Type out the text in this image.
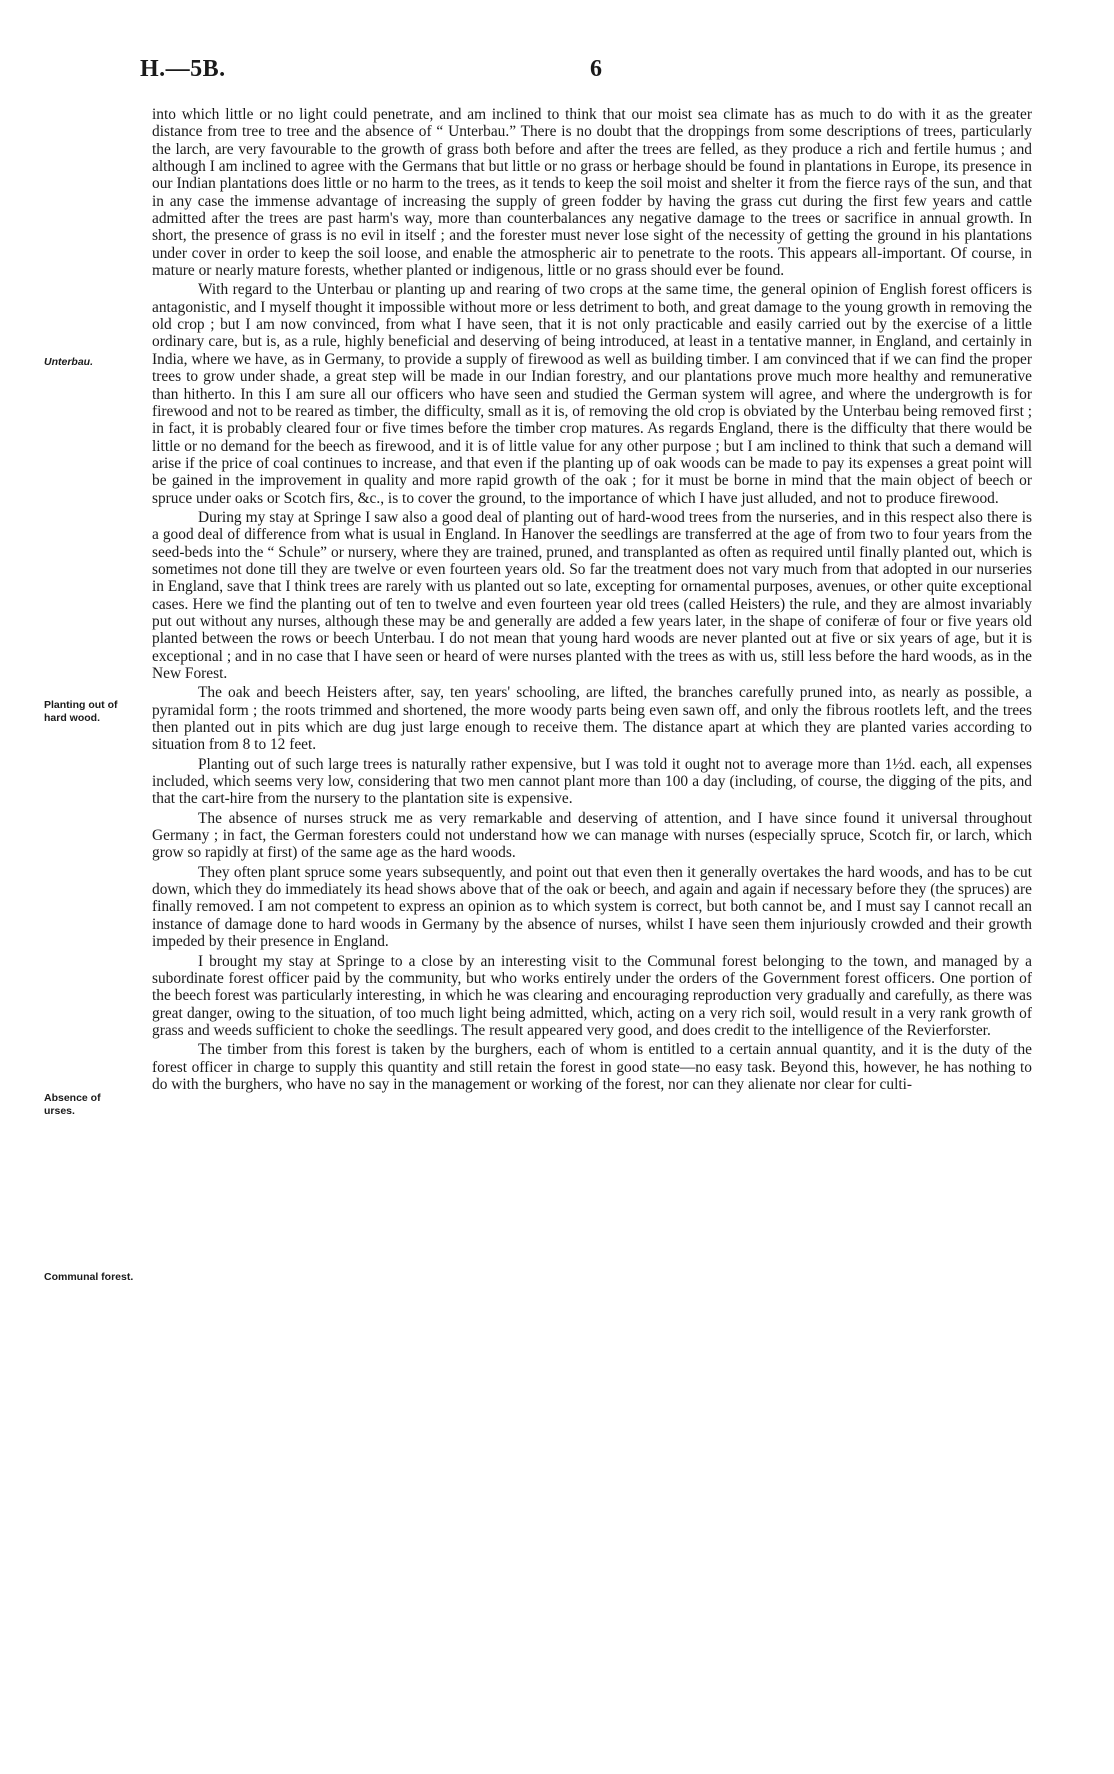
H.—5B.	6
Unterbau.
Planting out of hard wood.
Absence of urses.
Communal forest.

into which little or no light could penetrate, and am inclined to think that our moist sea climate has as much to do with it as the greater distance from tree to tree and the absence of “ Unterbau.” There is no doubt that the droppings from some descriptions of trees, particularly the larch, are very favourable to the growth of grass both before and after the trees are felled, as they produce a rich and fertile humus ; and although I am inclined to agree with the Germans that but little or no grass or herbage should be found in plantations in Europe, its presence in our Indian plantations does little or no harm to the trees, as it tends to keep the soil moist and shelter it from the fierce rays of the sun, and that in any case the immense advantage of increasing the supply of green fodder by having the grass cut during the first few years and cattle admitted after the trees are past harm's way, more than counterbalances any negative damage to the trees or sacrifice in annual growth. In short, the presence of grass is no evil in itself ; and the forester must never lose sight of the necessity of getting the ground in his plantations under cover in order to keep the soil loose, and enable the atmospheric air to penetrate to the roots. This appears all-important. Of course, in mature or nearly mature forests, whether planted or indigenous, little or no grass should ever be found.

With regard to the Unterbau or planting up and rearing of two crops at the same time, the general opinion of English forest officers is antagonistic, and I myself thought it impossible without more or less detriment to both, and great damage to the young growth in removing the old crop ; but I am now convinced, from what I have seen, that it is not only practicable and easily carried out by the exercise of a little ordinary care, but is, as a rule, highly beneficial and deserving of being introduced, at least in a tentative manner, in England, and certainly in India, where we have, as in Germany, to provide a supply of firewood as well as building timber. I am convinced that if we can find the proper trees to grow under shade, a great step will be made in our Indian forestry, and our plantations prove much more healthy and remunerative than hitherto. In this I am sure all our officers who have seen and studied the German system will agree, and where the undergrowth is for firewood and not to be reared as timber, the difficulty, small as it is, of removing the old crop is obviated by the Unterbau being removed first ; in fact, it is probably cleared four or five times before the timber crop matures. As regards England, there is the difficulty that there would be little or no demand for the beech as firewood, and it is of little value for any other purpose ; but I am inclined to think that such a demand will arise if the price of coal continues to increase, and that even if the planting up of oak woods can be made to pay its expenses a great point will be gained in the improvement in quality and more rapid growth of the oak ; for it must be borne in mind that the main object of beech or spruce under oaks or Scotch firs, &c., is to cover the ground, to the importance of which I have just alluded, and not to produce firewood.

During my stay at Springe I saw also a good deal of planting out of hard-wood trees from the nurseries, and in this respect also there is a good deal of difference from what is usual in England. In Hanover the seedlings are transferred at the age of from two to four years from the seed-beds into the “ Schule” or nursery, where they are trained, pruned, and transplanted as often as required until finally planted out, which is sometimes not done till they are twelve or even fourteen years old. So far the treatment does not vary much from that adopted in our nurseries in England, save that I think trees are rarely with us planted out so late, excepting for ornamental purposes, avenues, or other quite exceptional cases. Here we find the planting out of ten to twelve and even fourteen year old trees (called Heisters) the rule, and they are almost invariably put out without any nurses, although these may be and generally are added a few years later, in the shape of coniferæ of four or five years old planted between the rows or beech Unterbau. I do not mean that young hard woods are never planted out at five or six years of age, but it is exceptional ; and in no case that I have seen or heard of were nurses planted with the trees as with us, still less before the hard woods, as in the New Forest.

The oak and beech Heisters after, say, ten years' schooling, are lifted, the branches carefully pruned into, as nearly as possible, a pyramidal form ; the roots trimmed and shortened, the more woody parts being even sawn off, and only the fibrous rootlets left, and the trees then planted out in pits which are dug just large enough to receive them. The distance apart at which they are planted varies according to situation from 8 to 12 feet.

Planting out of such large trees is naturally rather expensive, but I was told it ought not to average more than 1½d. each, all expenses included, which seems very low, considering that two men cannot plant more than 100 a day (including, of course, the digging of the pits, and that the cart-hire from the nursery to the plantation site is expensive.

The absence of nurses struck me as very remarkable and deserving of attention, and I have since found it universal throughout Germany ; in fact, the German foresters could not understand how we can manage with nurses (especially spruce, Scotch fir, or larch, which grow so rapidly at first) of the same age as the hard woods.

They often plant spruce some years subsequently, and point out that even then it generally overtakes the hard woods, and has to be cut down, which they do immediately its head shows above that of the oak or beech, and again and again if necessary before they (the spruces) are finally removed. I am not competent to express an opinion as to which system is correct, but both cannot be, and I must say I cannot recall an instance of damage done to hard woods in Germany by the absence of nurses, whilst I have seen them injuriously crowded and their growth impeded by their presence in England.

I brought my stay at Springe to a close by an interesting visit to the Communal forest belonging to the town, and managed by a subordinate forest officer paid by the community, but who works entirely under the orders of the Government forest officers. One portion of the beech forest was particularly interesting, in which he was clearing and encouraging reproduction very gradually and carefully, as there was great danger, owing to the situation, of too much light being admitted, which, acting on a very rich soil, would result in a very rank growth of grass and weeds sufficient to choke the seedlings. The result appeared very good, and does credit to the intelligence of the Revierforster.

The timber from this forest is taken by the burghers, each of whom is entitled to a certain annual quantity, and it is the duty of the forest officer in charge to supply this quantity and still retain the forest in good state—no easy task. Beyond this, however, he has nothing to do with the burghers, who have no say in the management or working of the forest, nor can they alienate nor clear for culti-
